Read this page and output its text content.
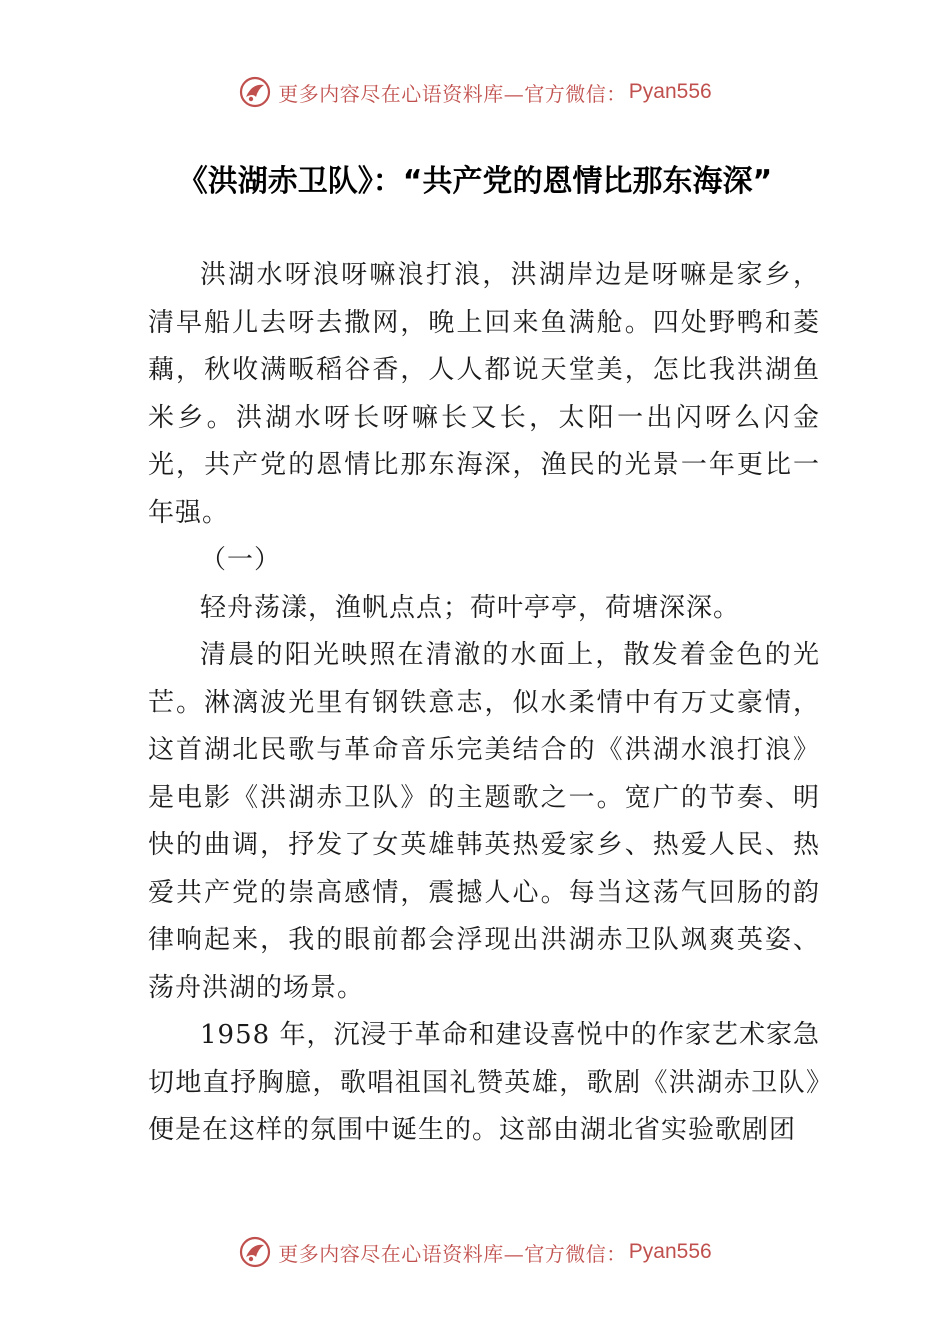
更多内容尽在心语资料库—官方微信： Pyan556
《洪湖赤卫队》：“共产党的恩情比那东海深”

洪湖水呀浪呀嘛浪打浪，洪湖岸边是呀嘛是家乡，清早船儿去呀去撒网，晚上回来鱼满舱。四处野鸭和菱藕，秋收满畈稻谷香，人人都说天堂美，怎比我洪湖鱼米乡。洪湖水呀长呀嘛长又长，太阳一出闪呀么闪金光，共产党的恩情比那东海深，渔民的光景一年更比一年强。

（一）

轻舟荡漾，渔帆点点；荷叶亭亭，荷塘深深。

清晨的阳光映照在清澈的水面上，散发着金色的光芒。淋漓波光里有钢铁意志，似水柔情中有万丈豪情，这首湖北民歌与革命音乐完美结合的《洪湖水浪打浪》是电影《洪湖赤卫队》的主题歌之一。宽广的节奏、明快的曲调，抒发了女英雄韩英热爱家乡、热爱人民、热爱共产党的崇高感情，震撼人心。每当这荡气回肠的韵律响起来，我的眼前都会浮现出洪湖赤卫队飒爽英姿、荡舟洪湖的场景。

1958 年，沉浸于革命和建设喜悦中的作家艺术家急切地直抒胸臆，歌唱祖国礼赞英雄，歌剧《洪湖赤卫队》便是在这样的氛围中诞生的。这部由湖北省实验歌剧团

更多内容尽在心语资料库—官方微信： Pyan556
